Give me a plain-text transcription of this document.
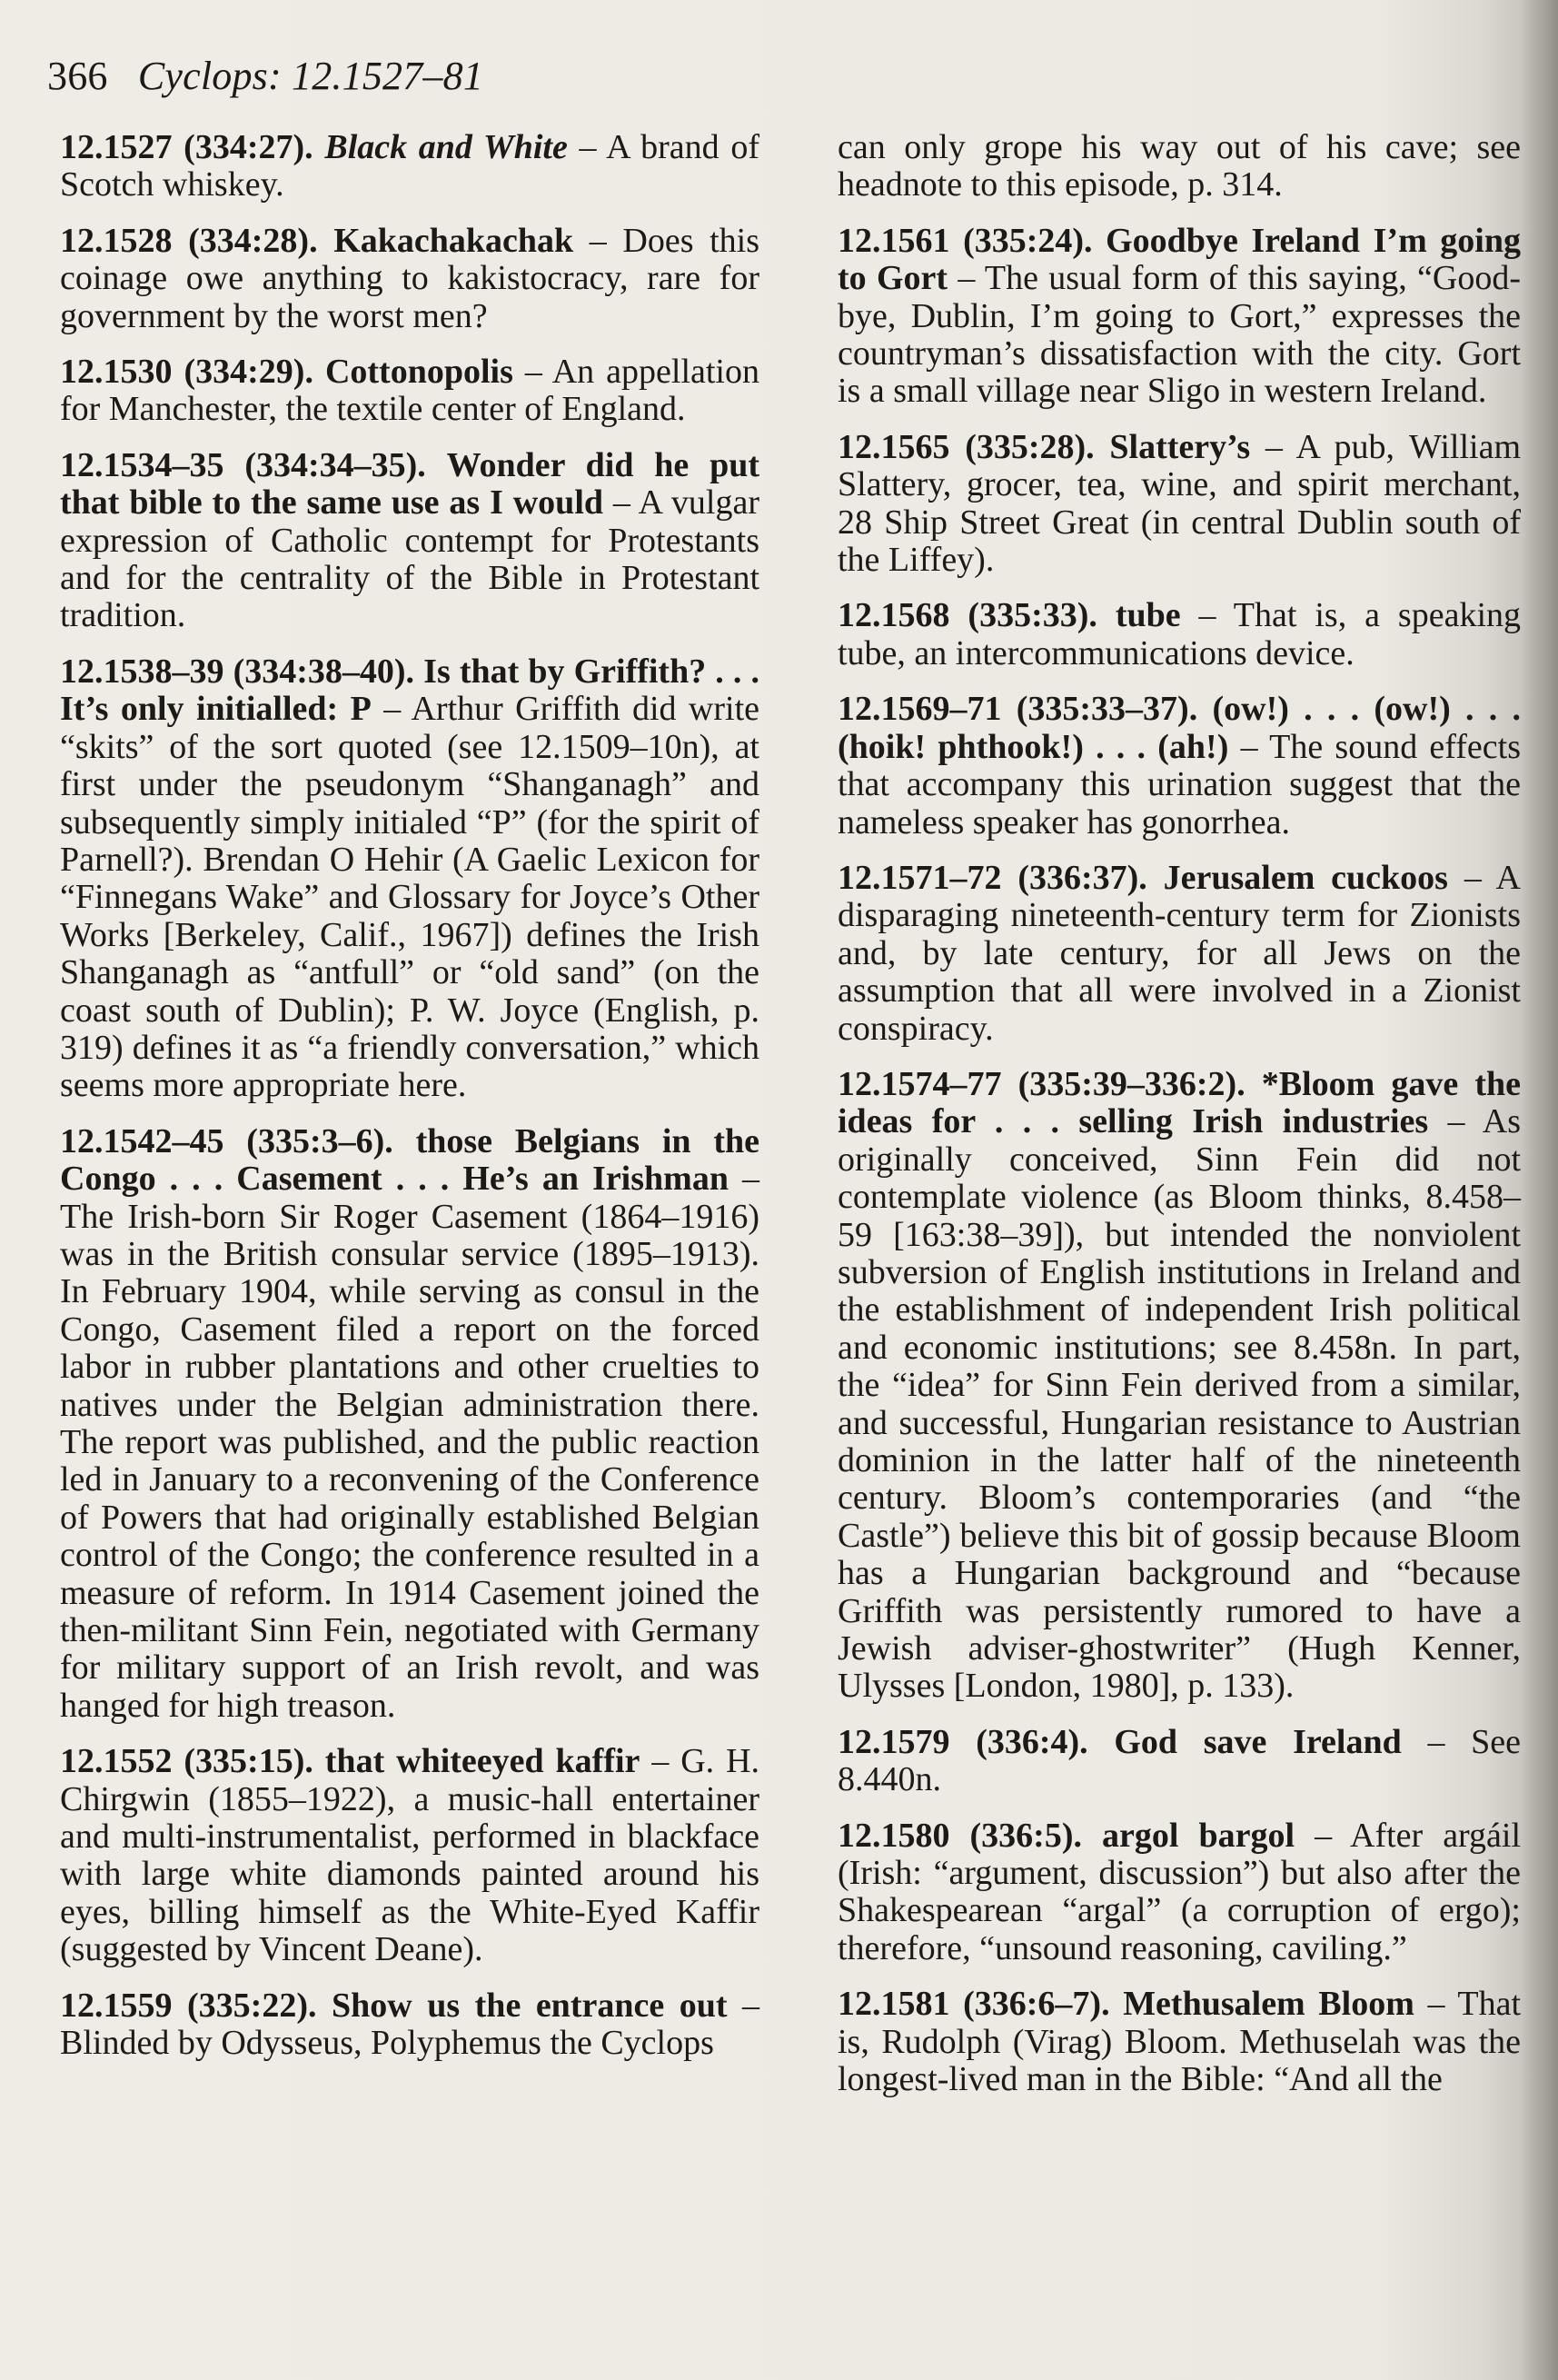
366 Cyclops: 12.1527–81

12.1527 (334:27). Black and White – A brand of Scotch whiskey.

12.1528 (334:28). Kakachakachak – Does this coinage owe anything to kakistocracy, rare for government by the worst men?

12.1530 (334:29). Cottonopolis – An appellation for Manchester, the textile center of England.

12.1534–35 (334:34–35). Wonder did he put that bible to the same use as I would – A vulgar expression of Catholic contempt for Protestants and for the centrality of the Bible in Protestant tradition.

12.1538–39 (334:38–40). Is that by Griffith? . . . It’s only initialled: P – Arthur Griffith did write “skits” of the sort quoted (see 12.1509–10n), at first under the pseudonym “Shanganagh” and subsequently simply initialed “P” (for the spirit of Parnell?). Brendan O Hehir (A Gaelic Lexicon for “Finnegans Wake” and Glossary for Joyce’s Other Works [Berkeley, Calif., 1967]) defines the Irish Shanganagh as “antfull” or “old sand” (on the coast south of Dublin); P. W. Joyce (English, p. 319) defines it as “a friendly conversation,” which seems more appropriate here.

12.1542–45 (335:3–6). those Belgians in the Congo . . . Casement . . . He’s an Irishman – The Irish-born Sir Roger Casement (1864–1916) was in the British consular service (1895–1913). In February 1904, while serving as consul in the Congo, Casement filed a report on the forced labor in rubber plantations and other cruelties to natives under the Belgian administration there. The report was published, and the public reaction led in January to a reconvening of the Conference of Powers that had originally established Belgian control of the Congo; the conference resulted in a measure of reform. In 1914 Casement joined the then-militant Sinn Fein, negotiated with Germany for military support of an Irish revolt, and was hanged for high treason.

12.1552 (335:15). that whiteeyed kaffir – G. H. Chirgwin (1855–1922), a music-hall entertainer and multi-instrumentalist, performed in blackface with large white diamonds painted around his eyes, billing himself as the White-Eyed Kaffir (suggested by Vincent Deane).

12.1559 (335:22). Show us the entrance out – Blinded by Odysseus, Polyphemus the Cyclops

can only grope his way out of his cave; see headnote to this episode, p. 314.

12.1561 (335:24). Goodbye Ireland I’m going to Gort – The usual form of this saying, “Good-bye, Dublin, I’m going to Gort,” expresses the countryman’s dissatisfaction with the city. Gort is a small village near Sligo in western Ireland.

12.1565 (335:28). Slattery’s – A pub, William Slattery, grocer, tea, wine, and spirit merchant, 28 Ship Street Great (in central Dublin south of the Liffey).

12.1568 (335:33). tube – That is, a speaking tube, an intercommunications device.

12.1569–71 (335:33–37). (ow!) . . . (ow!) . . . (hoik! phthook!) . . . (ah!) – The sound effects that accompany this urination suggest that the nameless speaker has gonorrhea.

12.1571–72 (336:37). Jerusalem cuckoos – A disparaging nineteenth-century term for Zionists and, by late century, for all Jews on the assumption that all were involved in a Zionist conspiracy.

12.1574–77 (335:39–336:2). *Bloom gave the ideas for . . . selling Irish industries – As originally conceived, Sinn Fein did not contemplate violence (as Bloom thinks, 8.458–59 [163:38–39]), but intended the nonviolent subversion of English institutions in Ireland and the establishment of independent Irish political and economic institutions; see 8.458n. In part, the “idea” for Sinn Fein derived from a similar, and successful, Hungarian resistance to Austrian dominion in the latter half of the nineteenth century. Bloom’s contemporaries (and “the Castle”) believe this bit of gossip because Bloom has a Hungarian background and “because Griffith was persistently rumored to have a Jewish adviser-ghostwriter” (Hugh Kenner, Ulysses [London, 1980], p. 133).

12.1579 (336:4). God save Ireland – See 8.440n.

12.1580 (336:5). argol bargol – After argáil (Irish: “argument, discussion”) but also after the Shakespearean “argal” (a corruption of ergo); therefore, “unsound reasoning, caviling.”

12.1581 (336:6–7). Methusalem Bloom – That is, Rudolph (Virag) Bloom. Methuselah was the longest-lived man in the Bible: “And all the
